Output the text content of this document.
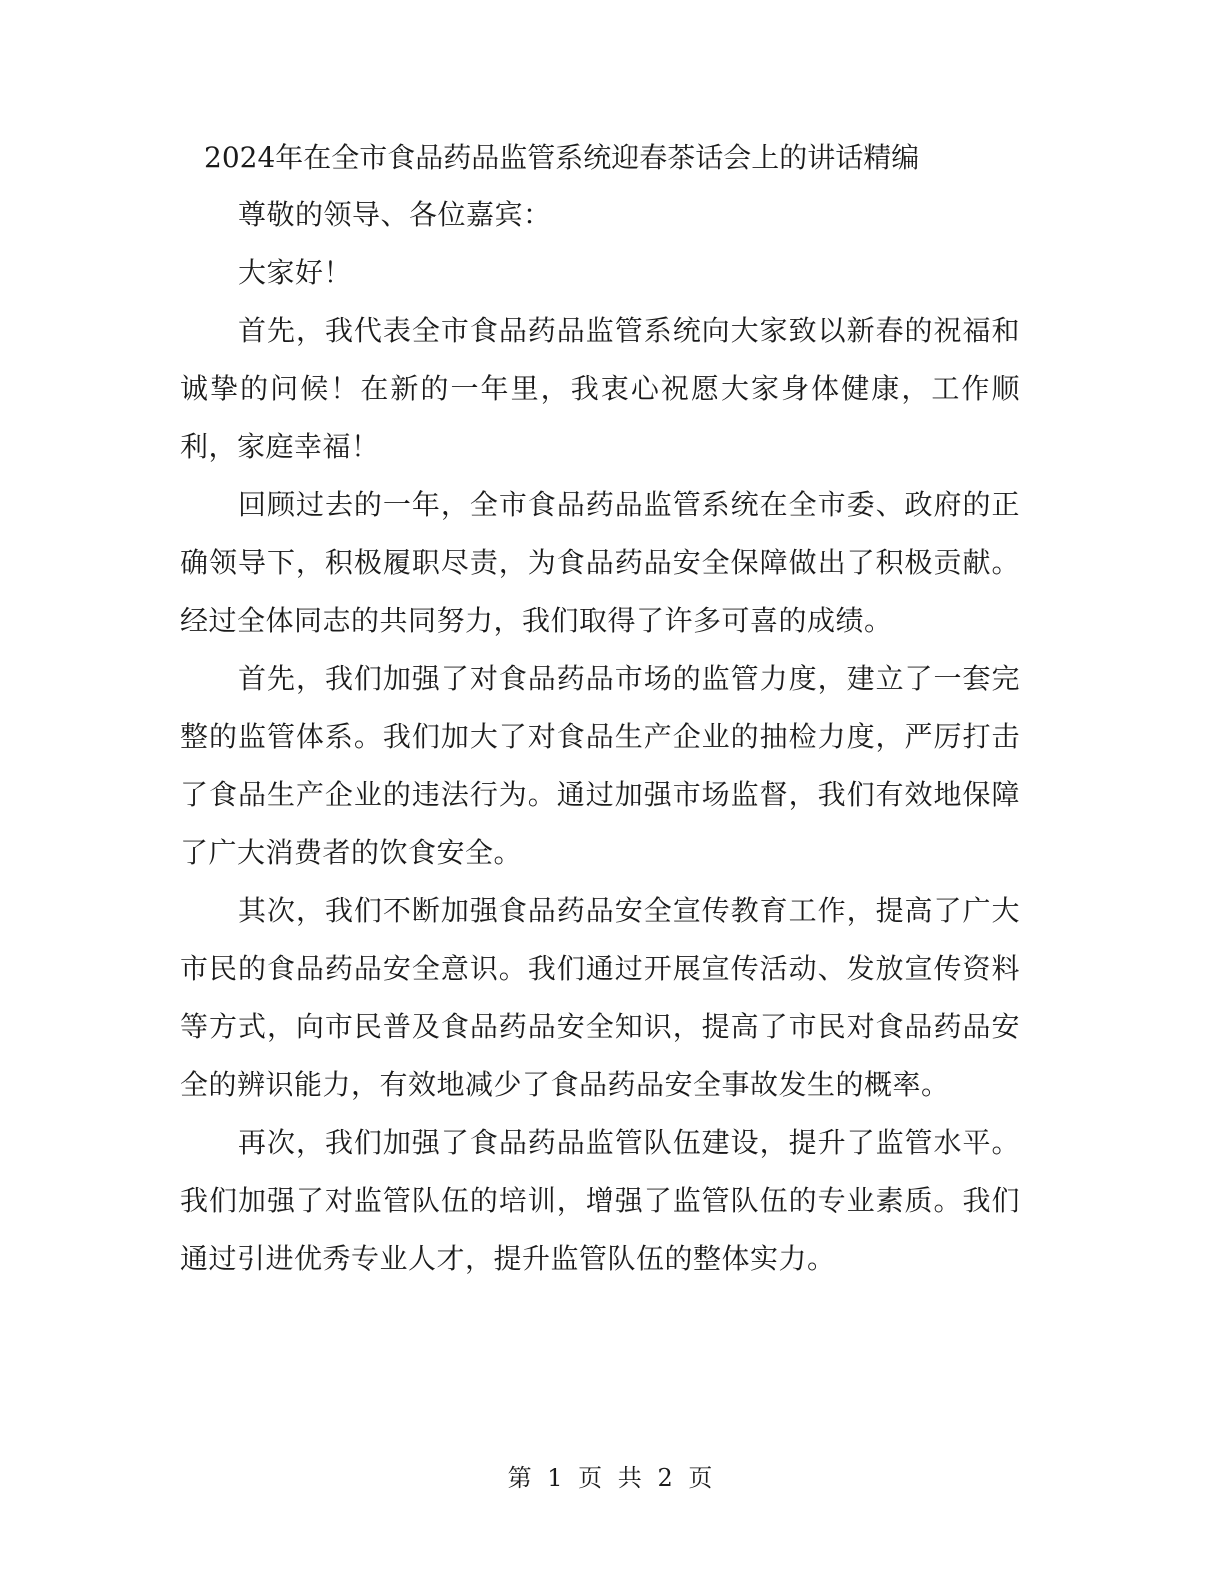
2024年在全市食品药品监管系统迎春茶话会上的讲话精编

尊敬的领导、各位嘉宾：

大家好！

首先，我代表全市食品药品监管系统向大家致以新春的祝福和诚挚的问候！在新的一年里，我衷心祝愿大家身体健康，工作顺利，家庭幸福！

回顾过去的一年，全市食品药品监管系统在全市委、政府的正确领导下，积极履职尽责，为食品药品安全保障做出了积极贡献。经过全体同志的共同努力，我们取得了许多可喜的成绩。

首先，我们加强了对食品药品市场的监管力度，建立了一套完整的监管体系。我们加大了对食品生产企业的抽检力度，严厉打击了食品生产企业的违法行为。通过加强市场监督，我们有效地保障了广大消费者的饮食安全。

其次，我们不断加强食品药品安全宣传教育工作，提高了广大市民的食品药品安全意识。我们通过开展宣传活动、发放宣传资料等方式，向市民普及食品药品安全知识，提高了市民对食品药品安全的辨识能力，有效地减少了食品药品安全事故发生的概率。

再次，我们加强了食品药品监管队伍建设，提升了监管水平。我们加强了对监管队伍的培训，增强了监管队伍的专业素质。我们通过引进优秀专业人才，提升监管队伍的整体实力。

第 1 页 共 2 页
